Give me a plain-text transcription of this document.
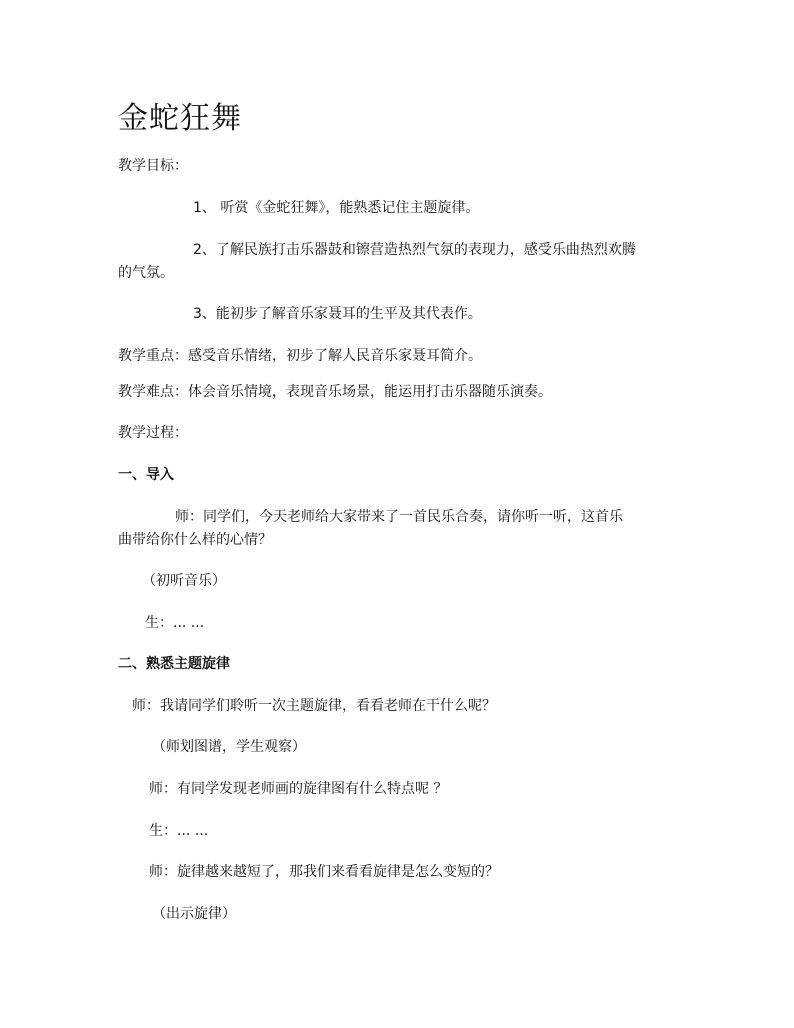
金蛇狂舞

教学目标：

1、 听赏《金蛇狂舞》，能熟悉记住主题旋律。

2、了解民族打击乐器鼓和镲营造热烈气氛的表现力，感受乐曲热烈欢腾

的气氛。

3、能初步了解音乐家聂耳的生平及其代表作。

教学重点：感受音乐情绪，初步了解人民音乐家聂耳简介。

教学难点：体会音乐情境，表现音乐场景，能运用打击乐器随乐演奏。

教学过程：

一、导入

师：同学们，今天老师给大家带来了一首民乐合奏，请你听一听，这首乐

曲带给你什么样的心情？

（初听音乐）

生：... ...

二、熟悉主题旋律

师：我请同学们聆听一次主题旋律，看看老师在干什么呢？

（师划图谱，学生观察）

师：有同学发现老师画的旋律图有什么特点呢 ？

生：... ...

师：旋律越来越短了，那我们来看看旋律是怎么变短的？

（出示旋律）
